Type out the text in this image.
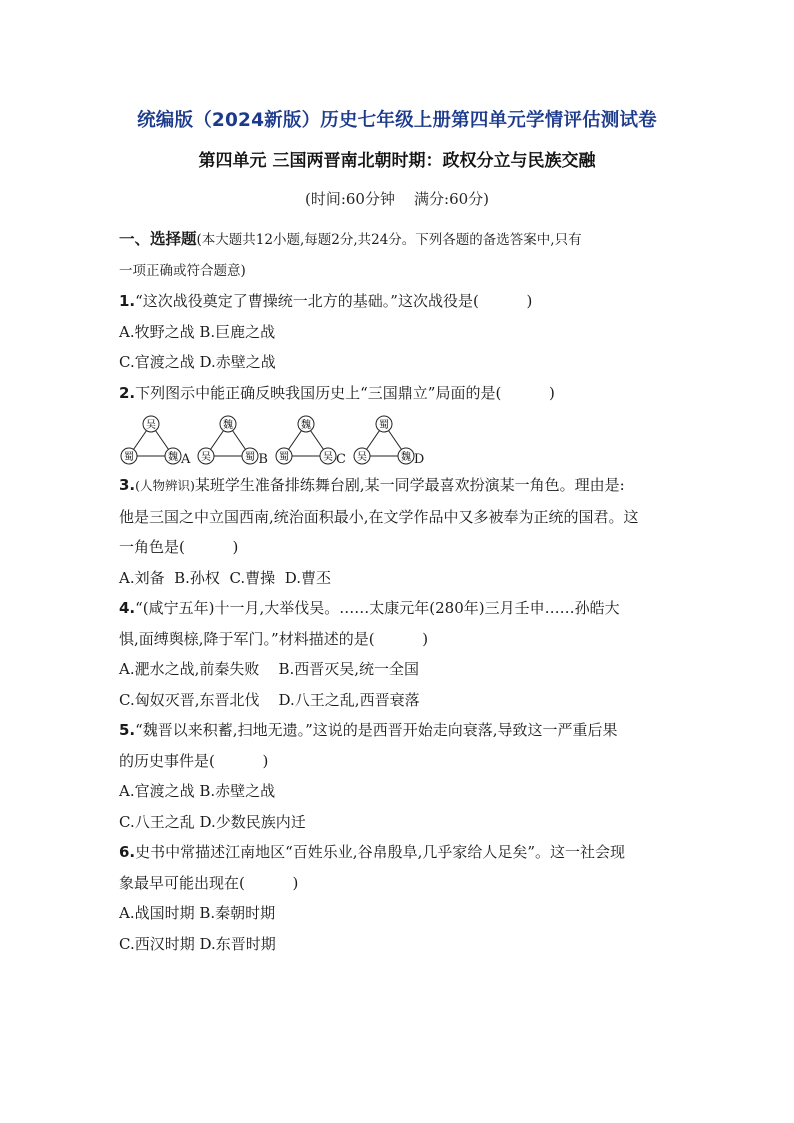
统编版（2024新版）历史七年级上册第四单元学情评估测试卷
第四单元 三国两晋南北朝时期：政权分立与民族交融
(时间:60分钟    满分:60分)
一、选择题(本大题共12小题,每题2分,共24分。下列各题的备选答案中,只有
一项正确或符合题意)
1.“这次战役奠定了曹操统一北方的基础。”这次战役是(          )
A.牧野之战 B.巨鹿之战
C.官渡之战 D.赤壁之战
2.下列图示中能正确反映我国历史上“三国鼎立”局面的是(          )
吴
蜀	魏 A
魏
吴	蜀 B
魏
蜀	吴 C
蜀
吴	魏 D
3.(人物辨识)某班学生准备排练舞台剧,某一同学最喜欢扮演某一角色。理由是:
他是三国之中立国西南,统治面积最小,在文学作品中又多被奉为正统的国君。这
一角色是(          )
A.刘备  B.孙权  C.曹操  D.曹丕
4.“(咸宁五年)十一月,大举伐吴。……太康元年(280年)三月壬申……孙皓大
惧,面缚舆榇,降于军门。”材料描述的是(          )
A.淝水之战,前秦失败    B.西晋灭吴,统一全国
C.匈奴灭晋,东晋北伐    D.八王之乱,西晋衰落
5.“魏晋以来积蓄,扫地无遗。”这说的是西晋开始走向衰落,导致这一严重后果
的历史事件是(          )
A.官渡之战 B.赤壁之战
C.八王之乱 D.少数民族内迁
6.史书中常描述江南地区“百姓乐业,谷帛殷阜,几乎家给人足矣”。这一社会现
象最早可能出现在(          )
A.战国时期 B.秦朝时期
C.西汉时期 D.东晋时期
